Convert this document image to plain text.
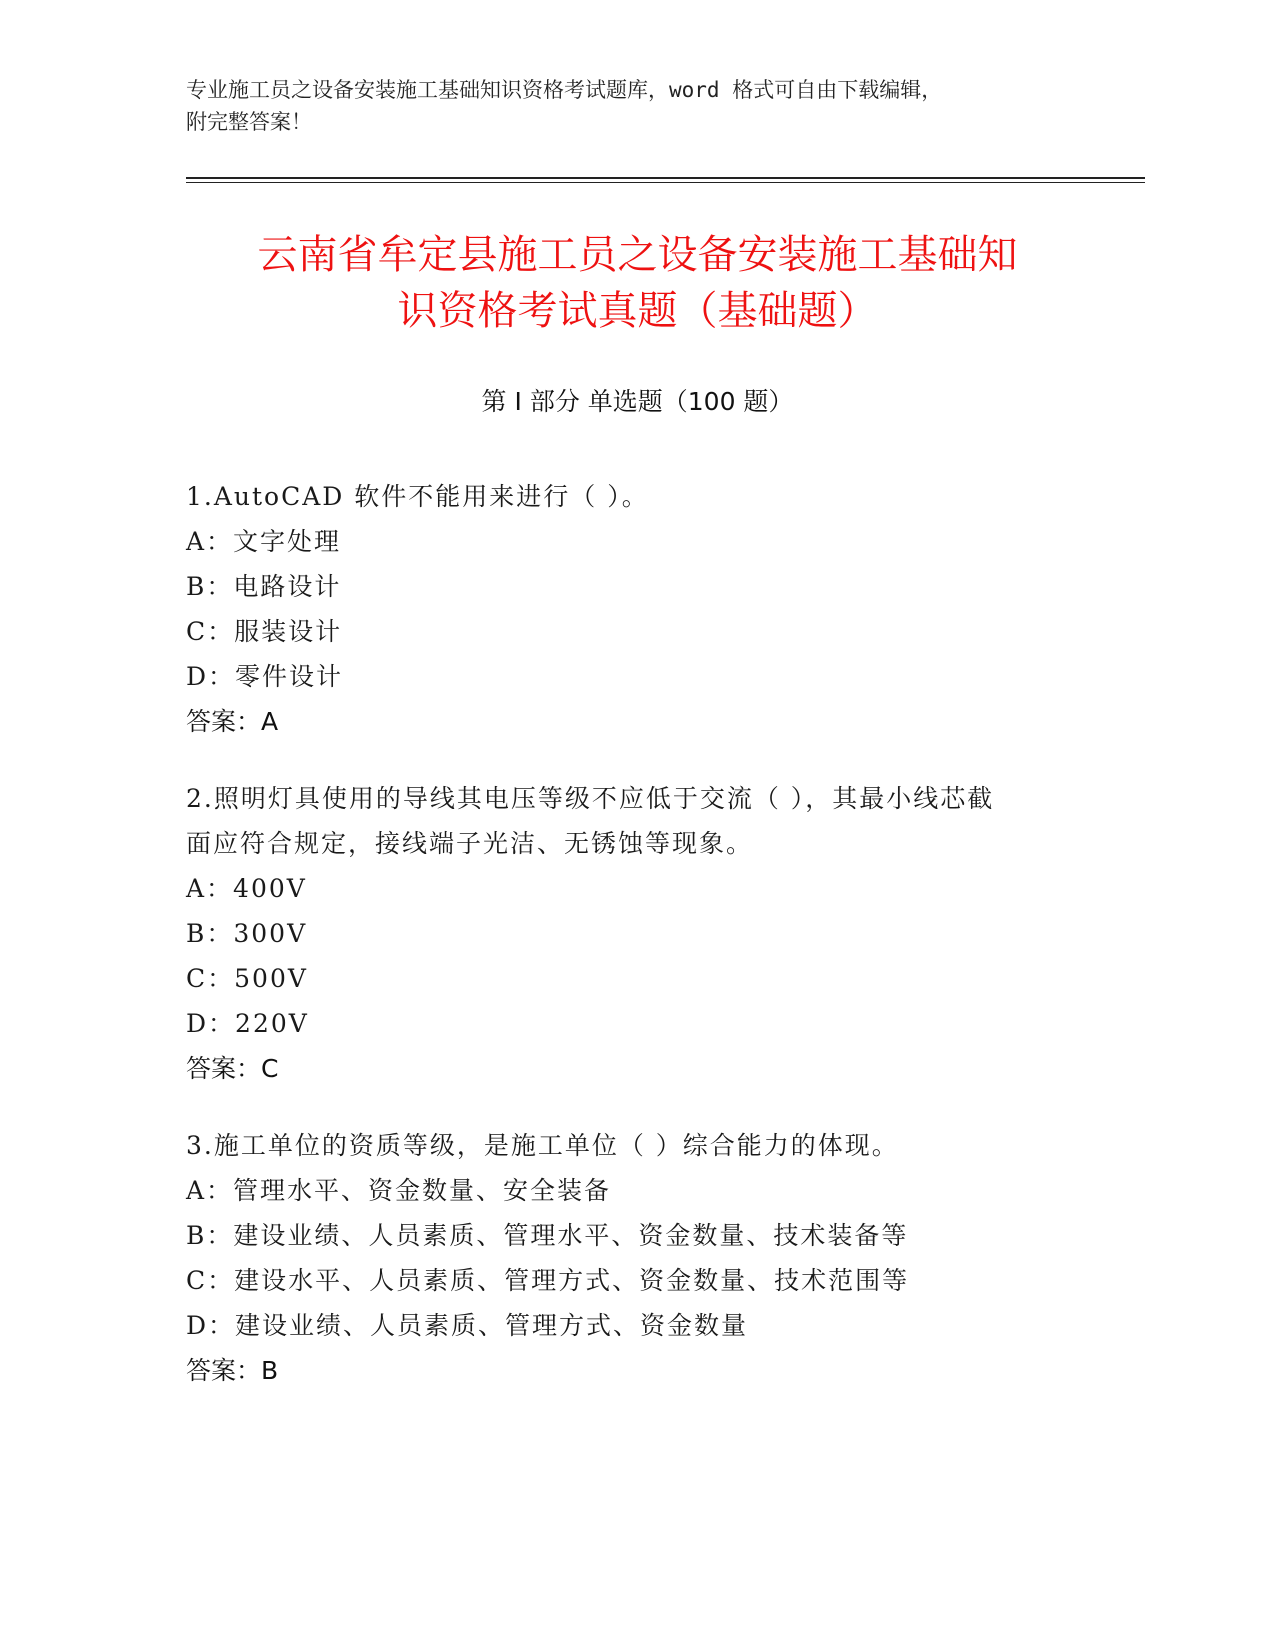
专业施工员之设备安装施工基础知识资格考试题库，word 格式可自由下载编辑，
附完整答案！
云南省牟定县施工员之设备安装施工基础知
识资格考试真题（基础题）
第 I 部分 单选题（100 题）
1.AutoCAD 软件不能用来进行（ ）。
A：文字处理
B：电路设计
C：服装设计
D：零件设计
答案：A
2.照明灯具使用的导线其电压等级不应低于交流（ ），其最小线芯截
面应符合规定，接线端子光洁、无锈蚀等现象。
A：400V
B：300V
C：500V
D：220V
答案：C
3.施工单位的资质等级，是施工单位（ ）综合能力的体现。
A：管理水平、资金数量、安全装备
B：建设业绩、人员素质、管理水平、资金数量、技术装备等
C：建设水平、人员素质、管理方式、资金数量、技术范围等
D：建设业绩、人员素质、管理方式、资金数量
答案：B
